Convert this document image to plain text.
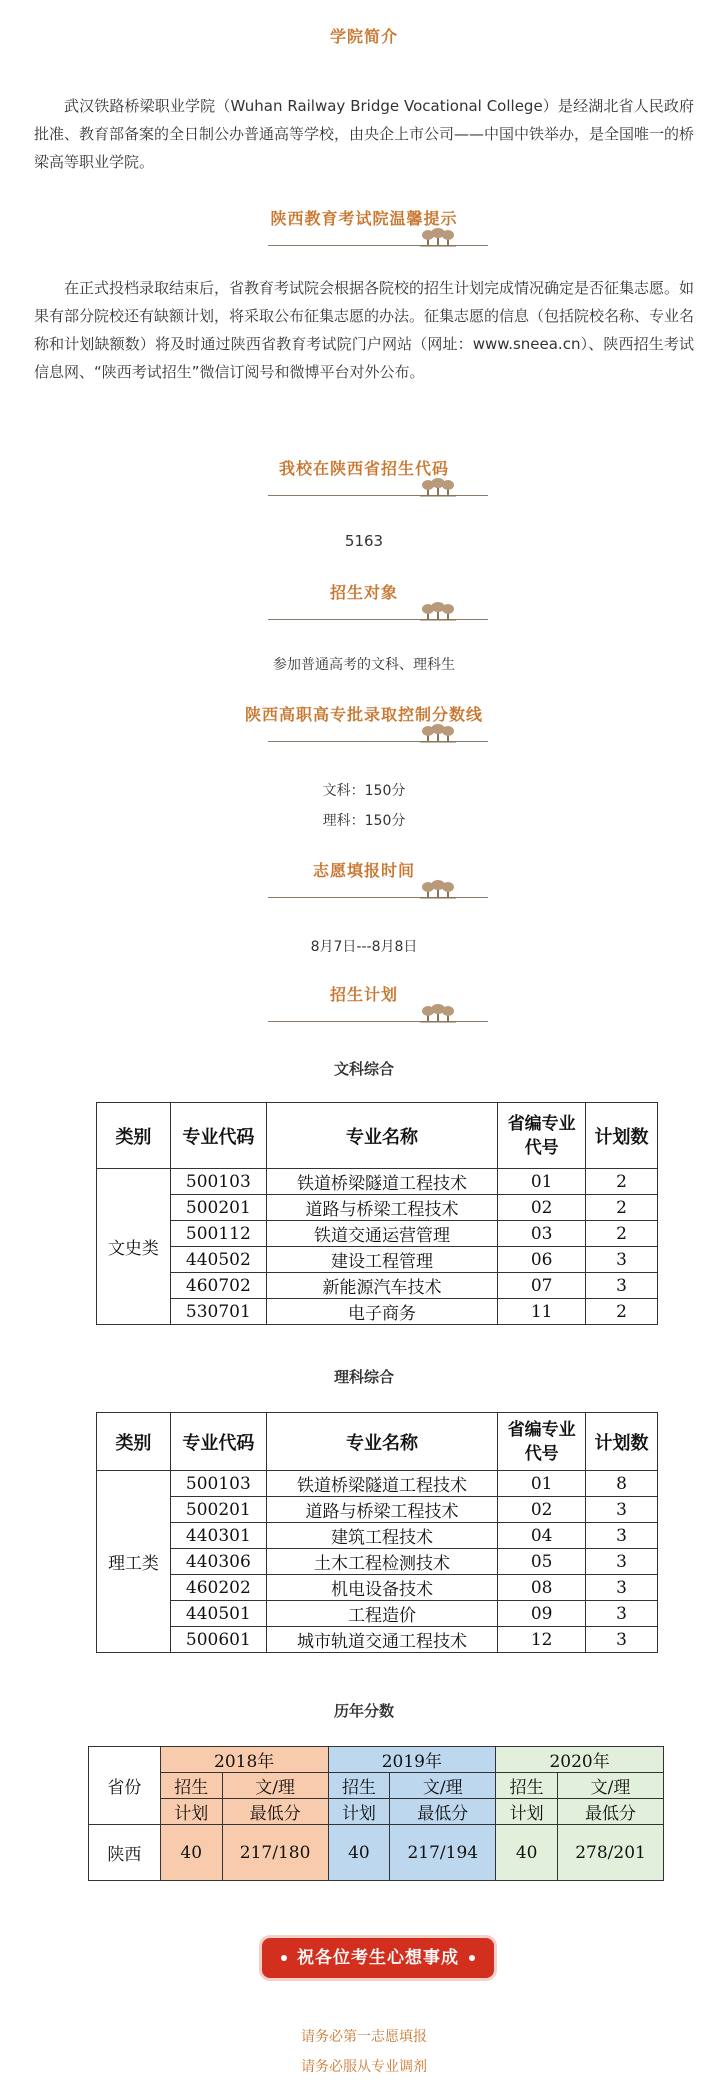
学院简介
武汉铁路桥梁职业学院（Wuhan Railway Bridge Vocational College）是经湖北省人民政府批准、教育部备案的全日制公办普通高等学校，由央企上市公司——中国中铁举办，是全国唯一的桥梁高等职业学院。
陕西教育考试院温馨提示
在正式投档录取结束后，省教育考试院会根据各院校的招生计划完成情况确定是否征集志愿。如果有部分院校还有缺额计划，将采取公布征集志愿的办法。征集志愿的信息（包括院校名称、专业名称和计划缺额数）将及时通过陕西省教育考试院门户网站（网址：www.sneea.cn）、陕西招生考试信息网、“陕西考试招生”微信订阅号和微博平台对外公布。
我校在陕西省招生代码
5163
招生对象
参加普通高考的文科、理科生
陕西高职高专批录取控制分数线
文科：150分
理科：150分
志愿填报时间
8月7日---8月8日
招生计划
文科综合
类别	专业代码	专业名称	省编专业代号	计划数
文史类	500103	铁道桥梁隧道工程技术	01	2
	500201	道路与桥梁工程技术	02	2
	500112	铁道交通运营管理	03	2
	440502	建设工程管理	06	3
	460702	新能源汽车技术	07	3
	530701	电子商务	11	2
理科综合
类别	专业代码	专业名称	省编专业代号	计划数
理工类	500103	铁道桥梁隧道工程技术	01	8
	500201	道路与桥梁工程技术	02	3
	440301	建筑工程技术	04	3
	440306	土木工程检测技术	05	3
	460202	机电设备技术	08	3
	440501	工程造价	09	3
	500601	城市轨道交通工程技术	12	3
历年分数
省份	2018年		2019年		2020年	
	招生	文/理	招生	文/理	招生	文/理
	计划	最低分	计划	最低分	计划	最低分
陕西	40	217/180	40	217/194	40	278/201
祝各位考生心想事成
请务必第一志愿填报
请务必服从专业调剂
